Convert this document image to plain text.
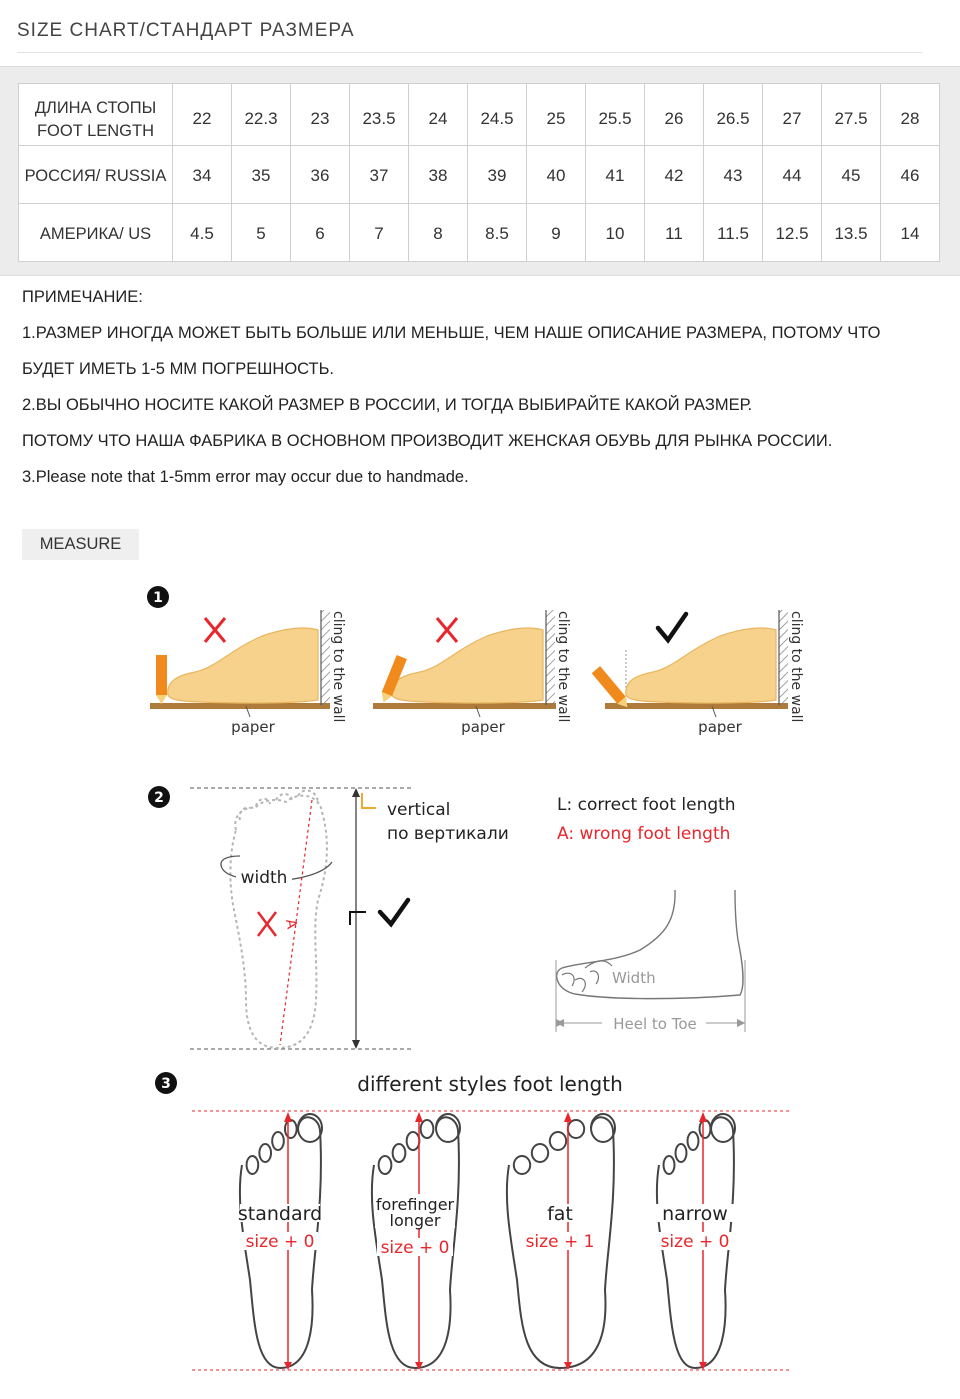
SIZE CHART/СТАНДАРТ РАЗМЕРА
ДЛИНА СТОПЫ
FOOT LENGTH	22	22.3	23	23.5	24	24.5	25	25.5	26	26.5	27	27.5	28
РОССИЯ/ RUSSIA	34	35	36	37	38	39	40	41	42	43	44	45	46
АМЕРИКА/ US	4.5	5	6	7	8	8.5	9	10	11	11.5	12.5	13.5	14
ПРИМЕЧАНИЕ:
1.РАЗМЕР ИНОГДА МОЖЕТ БЫТЬ БОЛЬШЕ ИЛИ МЕНЬШЕ, ЧЕМ НАШЕ ОПИСАНИЕ РАЗМЕРА, ПОТОМУ ЧТО
БУДЕТ ИМЕТЬ 1-5 ММ ПОГРЕШНОСТЬ.
2.ВЫ ОБЫЧНО НОСИТЕ КАКОЙ РАЗМЕР В РОССИИ, И ТОГДА ВЫБИРАЙТЕ КАКОЙ РАЗМЕР.
ПОТОМУ ЧТО НАША ФАБРИКА В ОСНОВНОМ ПРОИЗВОДИТ ЖЕНСКАЯ ОБУВЬ ДЛЯ РЫНКА РОССИИ.
3.Please note that 1-5mm error may occur due to handmade.
MEASURE
1
paper
cling to the wall
paper
cling to the wall
paper
cling to the wall
2
width
A
vertical
по вертикали
L: correct foot length
A: wrong foot length
Width
Heel to Toe
3	different styles foot length
standard
size + 0
forefinger
longer
size + 0
fat
size + 1
narrow
size + 0
